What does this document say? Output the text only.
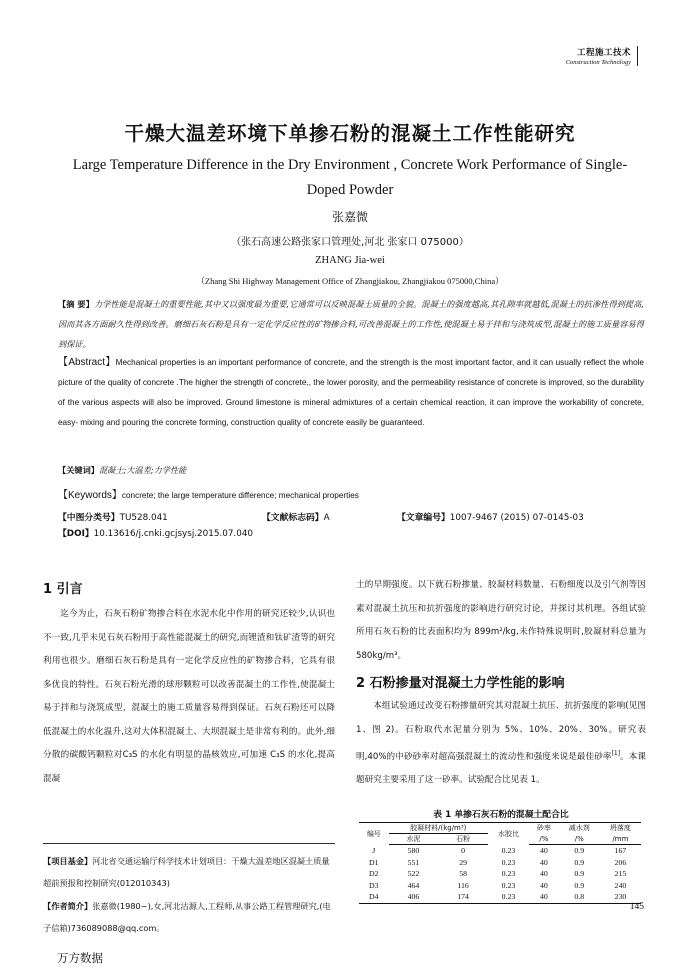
工程施工技术
Construction Technology
干燥大温差环境下单掺石粉的混凝土工作性能研究
Large Temperature Difference in the Dry Environment , Concrete Work Performance of Single-Doped Powder
张嘉微
（张石高速公路张家口管理处,河北 张家口 075000）
ZHANG Jia-wei
（Zhang Shi Highway Management Office of Zhangjiakou, Zhangjiakou 075000,China）
【摘 要】力学性能是混凝土的重要性能,其中又以强度最为重要,它通常可以反映混凝土质量的全貌。混凝土的强度越高,其孔隙率就越低,混凝土的抗渗性得到提高,因而其各方面耐久性得到改善。磨细石灰石粉是具有一定化学反应性的矿物掺合料,可改善混凝土的工作性,使混凝土易于拌和与浇筑成型,混凝土的施工质量容易得到保证。
【Abstract】Mechanical properties is an important performance of concrete, and the strength is the most important factor, and it can usually reflect the whole picture of the quality of concrete .The higher the strength of concrete,, the lower porosity, and the permeability resistance of concrete is improved, so the durability of the various aspects will also be improved. Ground limestone is mineral admixtures of a certain chemical reaction, it can improve the workability of concrete, easy- mixing and pouring the concrete forming, construction quality of concrete easily be guaranteed.
【关键词】混凝土;大温差;力学性能
【Keywords】concrete; the large temperature difference; mechanical properties
【中图分类号】TU528.041	【文献标志码】A	【文章编号】1007-9467 (2015) 07-0145-03
【DOI】10.13616/j.cnki.gcjsysj.2015.07.040
1 引言
迄今为止，石灰石粉矿物掺合料在水泥水化中作用的研究还较少,认识也不一致,几乎未见石灰石粉用于高性能混凝土的研究,而锂渣和钛矿渣等的研究利用也很少。磨细石灰石粉是具有一定化学反应性的矿物掺合料，它具有很多优良的特性。石灰石粉光滑的球形颗粒可以改善混凝土的工作性,使混凝土易于拌和与浇筑成型，混凝土的施工质量容易得到保证。石灰石粉还可以降低混凝土的水化温升,这对大体积混凝土、大坝混凝土是非常有利的。此外,细分散的碳酸钙颗粒对C₃S 的水化有明显的晶核效应,可加速 C₃S 的水化,提高混凝
土的早期强度。以下就石粉掺量、胶凝材料数量、石粉细度以及引气剂等因素对混凝土抗压和抗折强度的影响进行研究讨论，并探讨其机理。各组试验所用石灰石粉的比表面积均为 899m²/kg,未作特殊说明时,胶凝材料总量为 580kg/m³。
2 石粉掺量对混凝土力学性能的影响
本组试验通过改变石粉掺量研究其对混凝土抗压、抗折强度的影响(见图 1、图 2)。石粉取代水泥量分别为 5%、10%、20%、30%。研究表明,40%的中砂砂率对超高强混凝土的流动性和强度来说是最佳砂率[1]。本课题研究主要采用了这一砂率。试验配合比见表 1。
【项目基金】河北省交通运输厅科学技术计划项目：干燥大温差地区混凝土质量超前预报和控制研究(012010343)
【作者简介】张嘉微(1980~),女,河北沽源人,工程师,从事公路工程管理研究,(电子信箱)736089088@qq.com。
表 1 单掺石灰石粉的混凝土配合比
编号	胶凝材料/(kg/m³)		水胶比	砂率	减水剂	坍落度
	水泥	石粉		/%	/%	/mm
J	580	0	0.23	40	0.9	167
D1	551	29	0.23	40	0.9	206
D2	522	58	0.23	40	0.9	215
D3	464	116	0.23	40	0.9	240
D4	406	174	0.23	40	0.8	230
145
万方数据
